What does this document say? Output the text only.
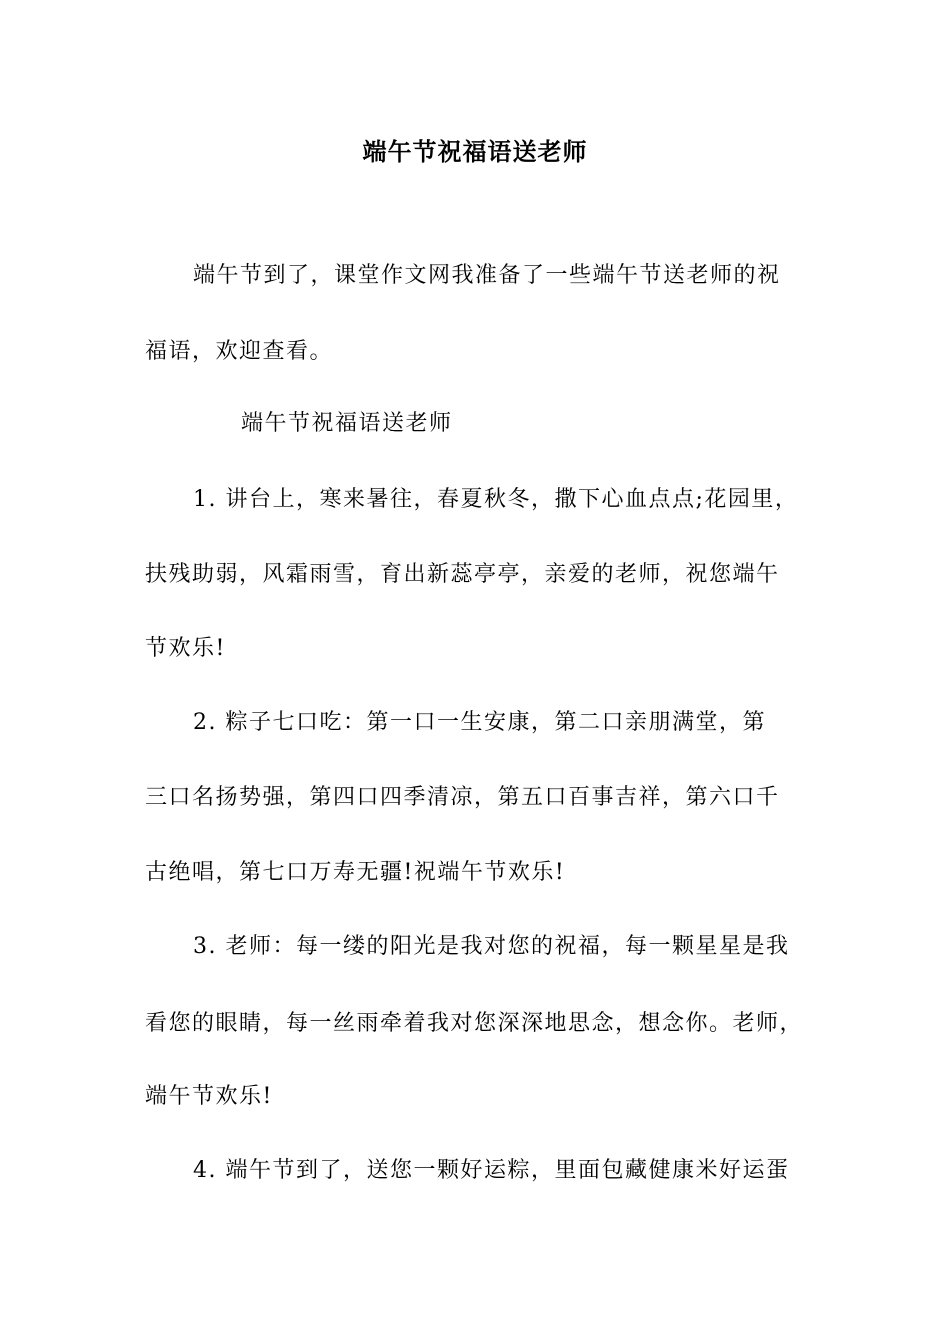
端午节祝福语送老师
端午节到了，课堂作文网我准备了一些端午节送老师的祝
福语，欢迎查看。
端午节祝福语送老师
1. 讲台上，寒来暑往，春夏秋冬，撒下心血点点;花园里，
扶残助弱，风霜雨雪，育出新蕊亭亭，亲爱的老师，祝您端午
节欢乐!
2. 粽子七口吃：第一口一生安康，第二口亲朋满堂，第
三口名扬势强，第四口四季清凉，第五口百事吉祥，第六口千
古绝唱，第七口万寿无疆!祝端午节欢乐!
3. 老师：每一缕的阳光是我对您的祝福，每一颗星星是我
看您的眼睛，每一丝雨牵着我对您深深地思念，想念你。老师，
端午节欢乐!
4. 端午节到了，送您一颗好运粽，里面包藏健康米好运蛋
